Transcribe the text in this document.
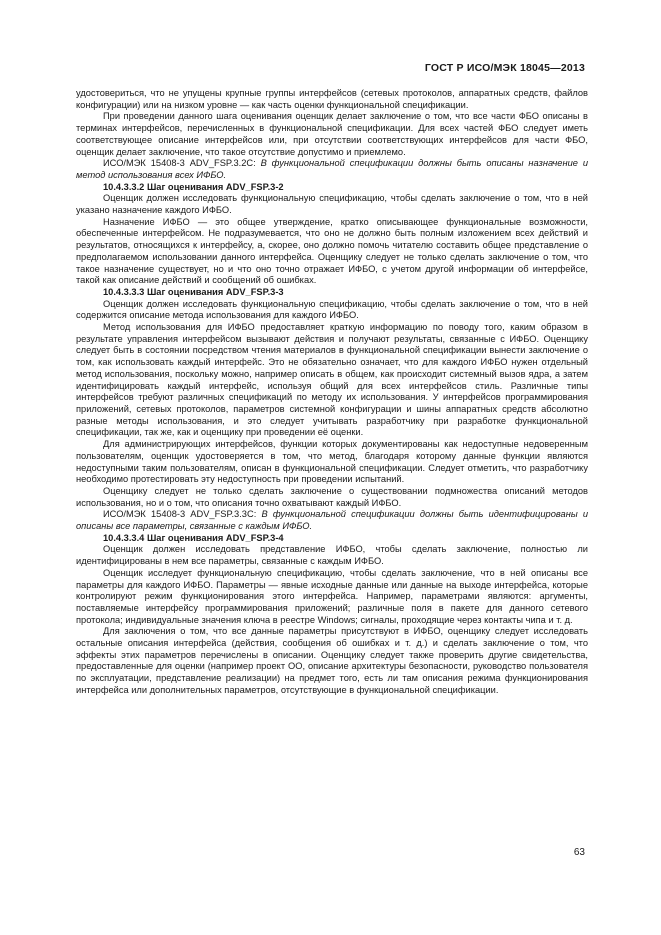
ГОСТ Р ИСО/МЭК 18045—2013

удостовериться, что не упущены крупные группы интерфейсов (сетевых протоколов, аппаратных средств, файлов конфигурации) или на низком уровне — как часть оценки функциональной спецификации.

При проведении данного шага оценивания оценщик делает заключение о том, что все части ФБО описаны в терминах интерфейсов, перечисленных в функциональной спецификации. Для всех частей ФБО следует иметь соответствующее описание интерфейсов или, при отсутствии соответствующих интерфейсов для части ФБО, оценщик делает заключение, что такое отсутствие допустимо и приемлемо.

ИСО/МЭК 15408-3 ADV_FSP.3.2C: В функциональной спецификации должны быть описаны назначение и метод использования всех ИФБО.

10.4.3.3.2 Шаг оценивания ADV_FSP.3-2

Оценщик должен исследовать функциональную спецификацию, чтобы сделать заключение о том, что в ней указано назначение каждого ИФБО.

Назначение ИФБО — это общее утверждение, кратко описывающее функциональные возможности, обеспеченные интерфейсом. Не подразумевается, что оно не должно быть полным изложением всех действий и результатов, относящихся к интерфейсу, а, скорее, оно должно помочь читателю составить общее представление о предполагаемом использовании данного интерфейса. Оценщику следует не только сделать заключение о том, что такое назначение существует, но и что оно точно отражает ИФБО, с учетом другой информации об интерфейсе, такой как описание действий и сообщений об ошибках.

10.4.3.3.3 Шаг оценивания ADV_FSP.3-3

Оценщик должен исследовать функциональную спецификацию, чтобы сделать заключение о том, что в ней содержится описание метода использования для каждого ИФБО.

Метод использования для ИФБО предоставляет краткую информацию по поводу того, каким образом в результате управления интерфейсом вызывают действия и получают результаты, связанные с ИФБО. Оценщику следует быть в состоянии посредством чтения материалов в функциональной спецификации вынести заключение о том, как использовать каждый интерфейс. Это не обязательно означает, что для каждого ИФБО нужен отдельный метод использования, поскольку можно, например описать в общем, как происходит системный вызов ядра, а затем идентифицировать каждый интерфейс, используя общий для всех интерфейсов стиль. Различные типы интерфейсов требуют различных спецификаций по методу их использования. У интерфейсов программирования приложений, сетевых протоколов, параметров системной конфигурации и шины аппаратных средств абсолютно разные методы использования, и это следует учитывать разработчику при разработке функциональной спецификации, так же, как и оценщику при проведении её оценки.

Для администрирующих интерфейсов, функции которых документированы как недоступные недоверенным пользователям, оценщик удостоверяется в том, что метод, благодаря которому данные функции являются недоступными таким пользователям, описан в функциональной спецификации. Следует отметить, что разработчику необходимо протестировать эту недоступность при проведении испытаний.

Оценщику следует не только сделать заключение о существовании подмножества описаний методов использования, но и о том, что описания точно охватывают каждый ИФБО.

ИСО/МЭК 15408-3 ADV_FSP.3.3C: В функциональной спецификации должны быть идентифицированы и описаны все параметры, связанные с каждым ИФБО.

10.4.3.3.4 Шаг оценивания ADV_FSP.3-4

Оценщик должен исследовать представление ИФБО, чтобы сделать заключение, полностью ли идентифицированы в нем все параметры, связанные с каждым ИФБО.

Оценщик исследует функциональную спецификацию, чтобы сделать заключение, что в ней описаны все параметры для каждого ИФБО. Параметры — явные исходные данные или данные на выходе интерфейса, которые контролируют режим функционирования этого интерфейса. Например, параметрами являются: аргументы, поставляемые интерфейсу программирования приложений; различные поля в пакете для данного сетевого протокола; индивидуальные значения ключа в реестре Windows; сигналы, проходящие через контакты чипа и т. д.

Для заключения о том, что все данные параметры присутствуют в ИФБО, оценщику следует исследовать остальные описания интерфейса (действия, сообщения об ошибках и т. д.) и сделать заключение о том, что эффекты этих параметров перечислены в описании. Оценщику следует также проверить другие свидетельства, предоставленные для оценки (например проект ОО, описание архитектуры безопасности, руководство пользователя по эксплуатации, представление реализации) на предмет того, есть ли там описания режима функционирования интерфейса или дополнительных параметров, отсутствующие в функциональной спецификации.

63
